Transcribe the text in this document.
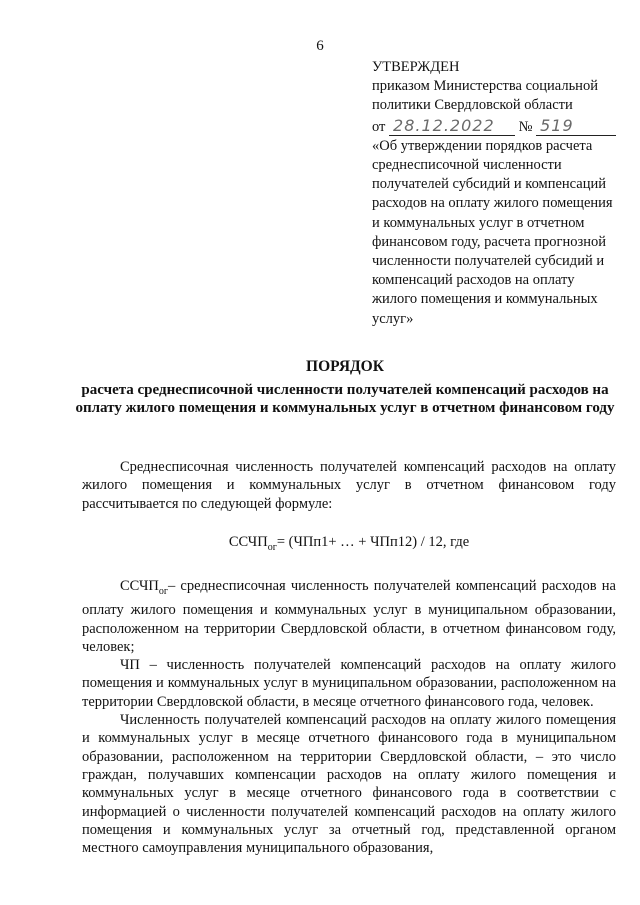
6
УТВЕРЖДЕН
приказом Министерства социальной
политики Свердловской области
от 28.12.2022 № 519
«Об утверждении порядков расчета среднесписочной численности получателей субсидий и компенсаций расходов на оплату жилого помещения и коммунальных услуг в отчетном финансовом году, расчета прогнозной численности получателей субсидий и компенсаций расходов на оплату жилого помещения и коммунальных услуг»
ПОРЯДОК
расчета среднесписочной численности получателей компенсаций расходов на оплату жилого помещения и коммунальных услуг в отчетном финансовом году

Среднесписочная численность получателей компенсаций расходов на оплату жилого помещения и коммунальных услуг в отчетном финансовом году рассчитывается по следующей формуле:

$ССЧП_{ог}= (ЧПп1+$ … + ЧПп12) / 12, где

$ССЧП_{ог}-$ среднесписочная численность получателей компенсаций расходов на оплату жилого помещения и коммунальных услуг в муниципальном образовании, расположенном на территории Свердловской области, в отчетном финансовом году, человек;

ЧП – численность получателей компенсаций расходов на оплату жилого помещения и коммунальных услуг в муниципальном образовании, расположенном на территории Свердловской области, в месяце отчетного финансового года, человек.

Численность получателей компенсаций расходов на оплату жилого помещения и коммунальных услуг в месяце отчетного финансового года в муниципальном образовании, расположенном на территории Свердловской области, – это число граждан, получавших компенсации расходов на оплату жилого помещения и коммунальных услуг в месяце отчетного финансового года в соответствии с информацией о численности получателей компенсаций расходов на оплату жилого помещения и коммунальных услуг за отчетный год, представленной органом местного самоуправления муниципального образования,
